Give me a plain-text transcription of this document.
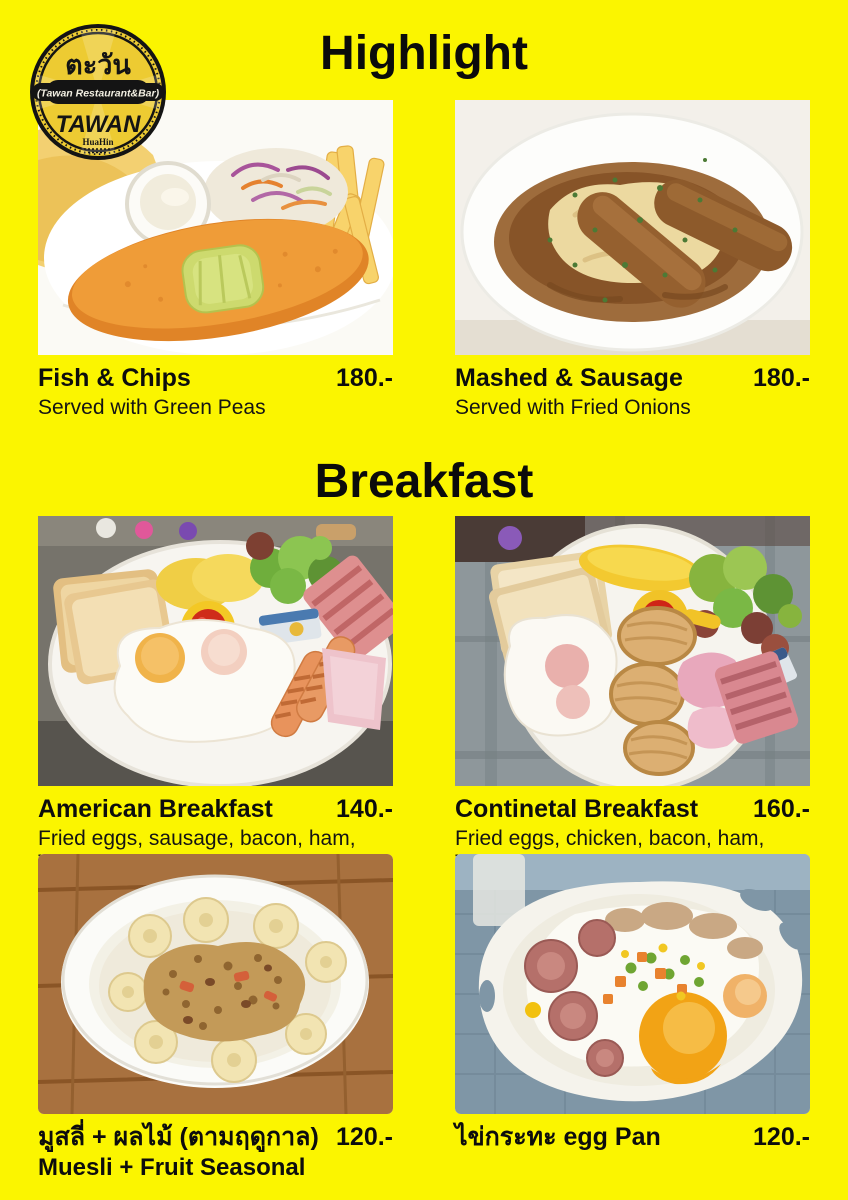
Highlight
ตะวัน
(Tawan Restaurant&Bar)
TAWAN
HuaHin
Fish & Chips	180.-
Served with Green Peas
Mashed & Sausage	180.-
Served with Fried Onions
Breakfast
American Breakfast	140.-
Fried eggs, sausage, bacon, ham,
Continetal Breakfast 160.-
Fried eggs, chicken, bacon, ham,
มูสลี่ + ผลไม้ (ตามฤดูกาล) 120.-
Muesli + Fruit Seasonal
ไข่กระทะ egg Pan	120.-
